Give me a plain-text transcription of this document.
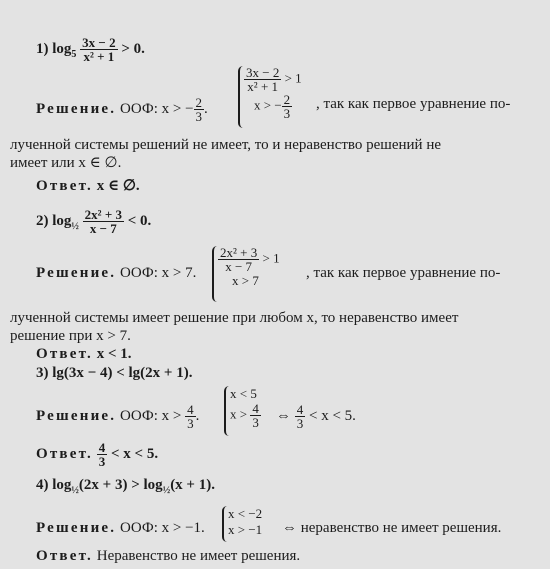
1) $\log_5 \frac{3x - 2}{\text{x² + 1}} > 0$.
Решение. ООФ: x > − $\frac{2}{3}$ .
$\frac{3x - 2}{\text{x² + 1}} > 1$
x > − $\frac{2}{3}$ , так как первое уравнение по-
лученной системы решений не имеет, то и неравенство решений не
имеет или x ∈ ∅.
Ответ. x ∈ ∅.
2) $\log_{\frac{1}{2}} \frac{\text{2x² + 3}}{x - 7} < 0$.
Решение. ООФ: x > 7. $\frac{\text{2x² + 3}}{x - 7} > 1$
x > 7	, так как первое уравнение по-
лученной системы имеет решение при любом x, то неравенство имеет
решение при x > 7.
Ответ. x < 1.
3) lg(3x − 4) < lg(2x + 1).
Решение. ООФ: $x > \frac{4}{3}$ .
x < 5
$x > \frac{4}{3}$ ⇔ $\frac{4}{3} < x < 5$.
Ответ. $\frac{4}{3} < x < 5$.
4) $\log_{\frac{1}{2}}(2x + 3) > \log_{\frac{1}{2}}(x + 1)$.
Решение. ООФ: x > −1.
x < −2
x > −1 ⇔ неравенство не имеет решения.
Ответ. Неравенство не имеет решения.
